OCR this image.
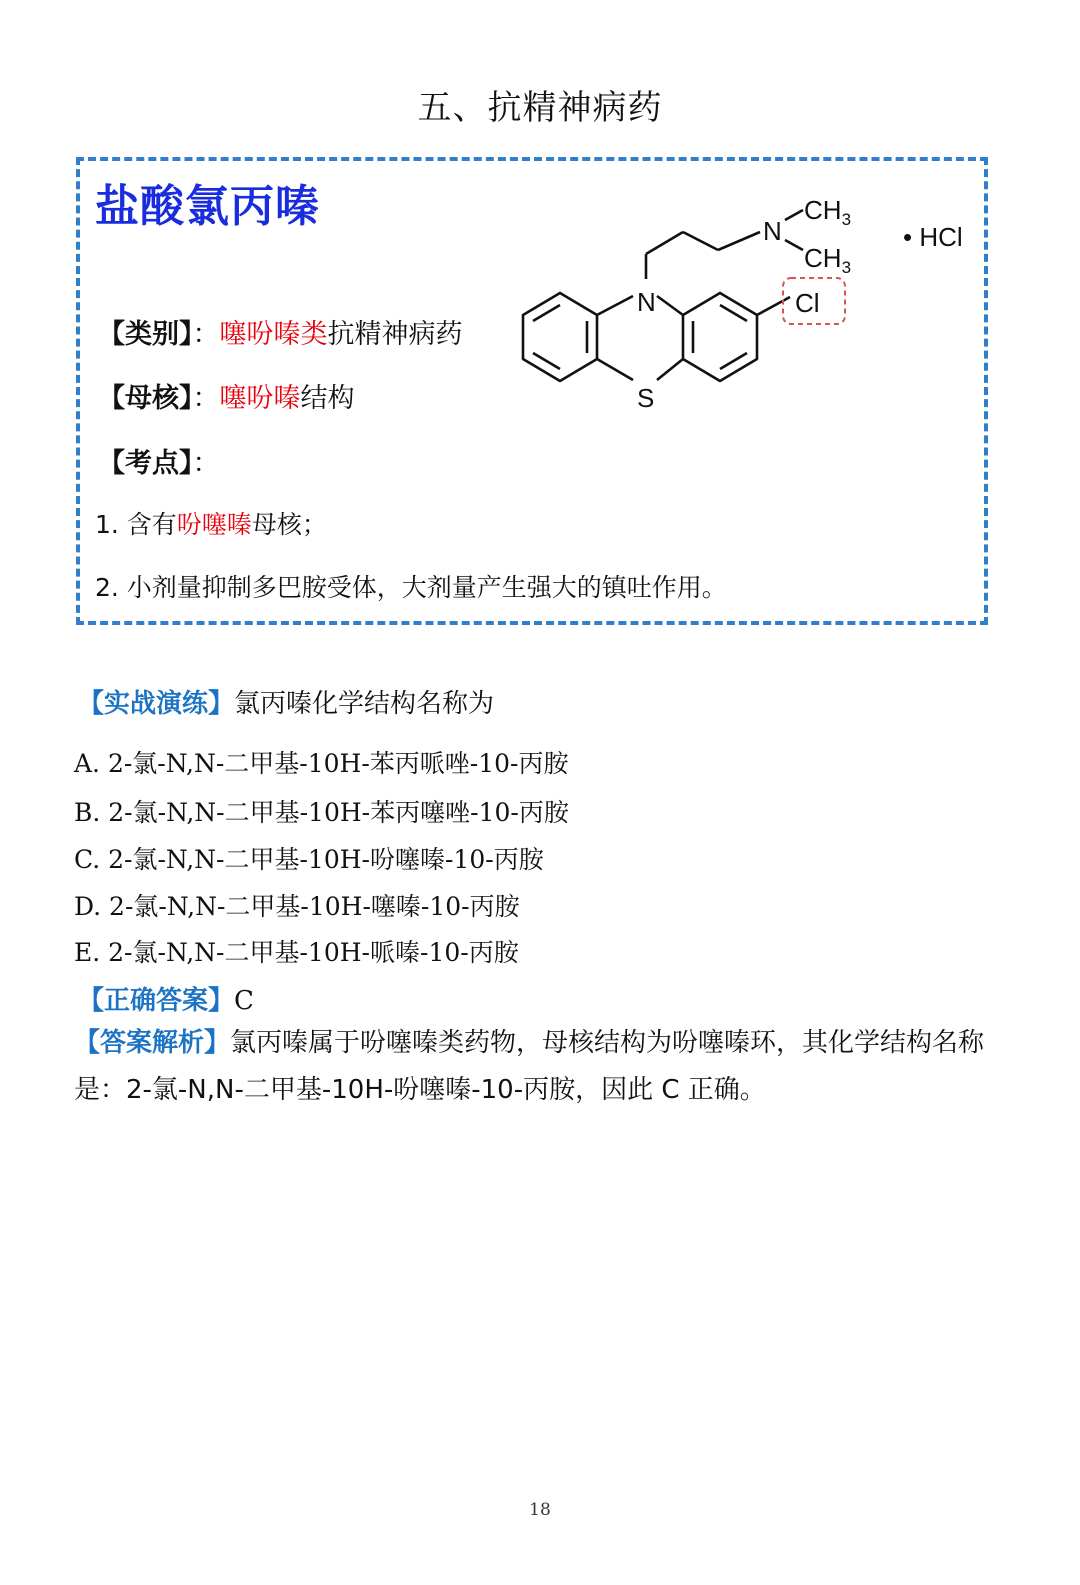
五、抗精神病药
盐酸氯丙嗪
【类别】：噻吩嗪类抗精神病药
【母核】：噻吩嗪结构
【考点】：
1. 含有吩噻嗪母核；
2. 小剂量抑制多巴胺受体，大剂量产生强大的镇吐作用。
N
S
N
$CH_3$
$CH_3$
Cl
• HCl
【实战演练】氯丙嗪化学结构名称为
A. 2-氯-N,N-二甲基-10H-苯丙哌唑-10-丙胺
B. 2-氯-N,N-二甲基-10H-苯丙噻唑-10-丙胺
C. 2-氯-N,N-二甲基-10H-吩噻嗪-10-丙胺
D. 2-氯-N,N-二甲基-10H-噻嗪-10-丙胺
E. 2-氯-N,N-二甲基-10H-哌嗪-10-丙胺
【正确答案】C
【答案解析】氯丙嗪属于吩噻嗪类药物，母核结构为吩噻嗪环，其化学结构名称是：2-氯-N,N-二甲基-10H-吩噻嗪-10-丙胺，因此 C 正确。
18
